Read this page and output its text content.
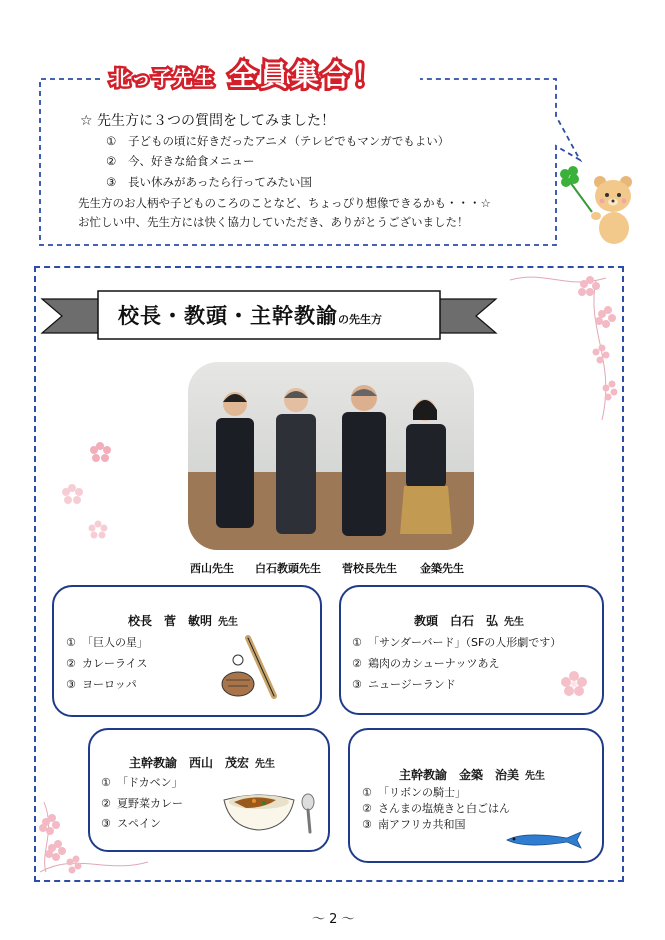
北っ子先生 全員集合！
☆ 先生方に３つの質問をしてみました！
① 子どもの頃に好きだったアニメ（テレビでもマンガでもよい）
② 今、好きな給食メニュー
③ 長い休みがあったら行ってみたい国
先生方のお人柄や子どものころのことなど、ちょっぴり想像できるかも・・・☆
お忙しい中、先生方には快く協力していただき、ありがとうございました！
校長・教頭・主幹教諭の先生方
西山先生 白石教頭先生 菅校長先生 金築先生
校長　菅　敏明 先生
① 「巨人の星」
② カレーライス
③ ヨーロッパ
教頭　白石　弘 先生
① 「サンダーバード」（SFの人形劇です）
② 鶏肉のカシューナッツあえ
③ ニュージーランド
主幹教諭　西山　茂宏 先生
① 「ドカベン」
② 夏野菜カレー
③ スペイン
主幹教諭　金築　治美 先生
① 「リボンの騎士」
② さんまの塩焼きと白ごはん
③ 南アフリカ共和国
～ 2 ～
